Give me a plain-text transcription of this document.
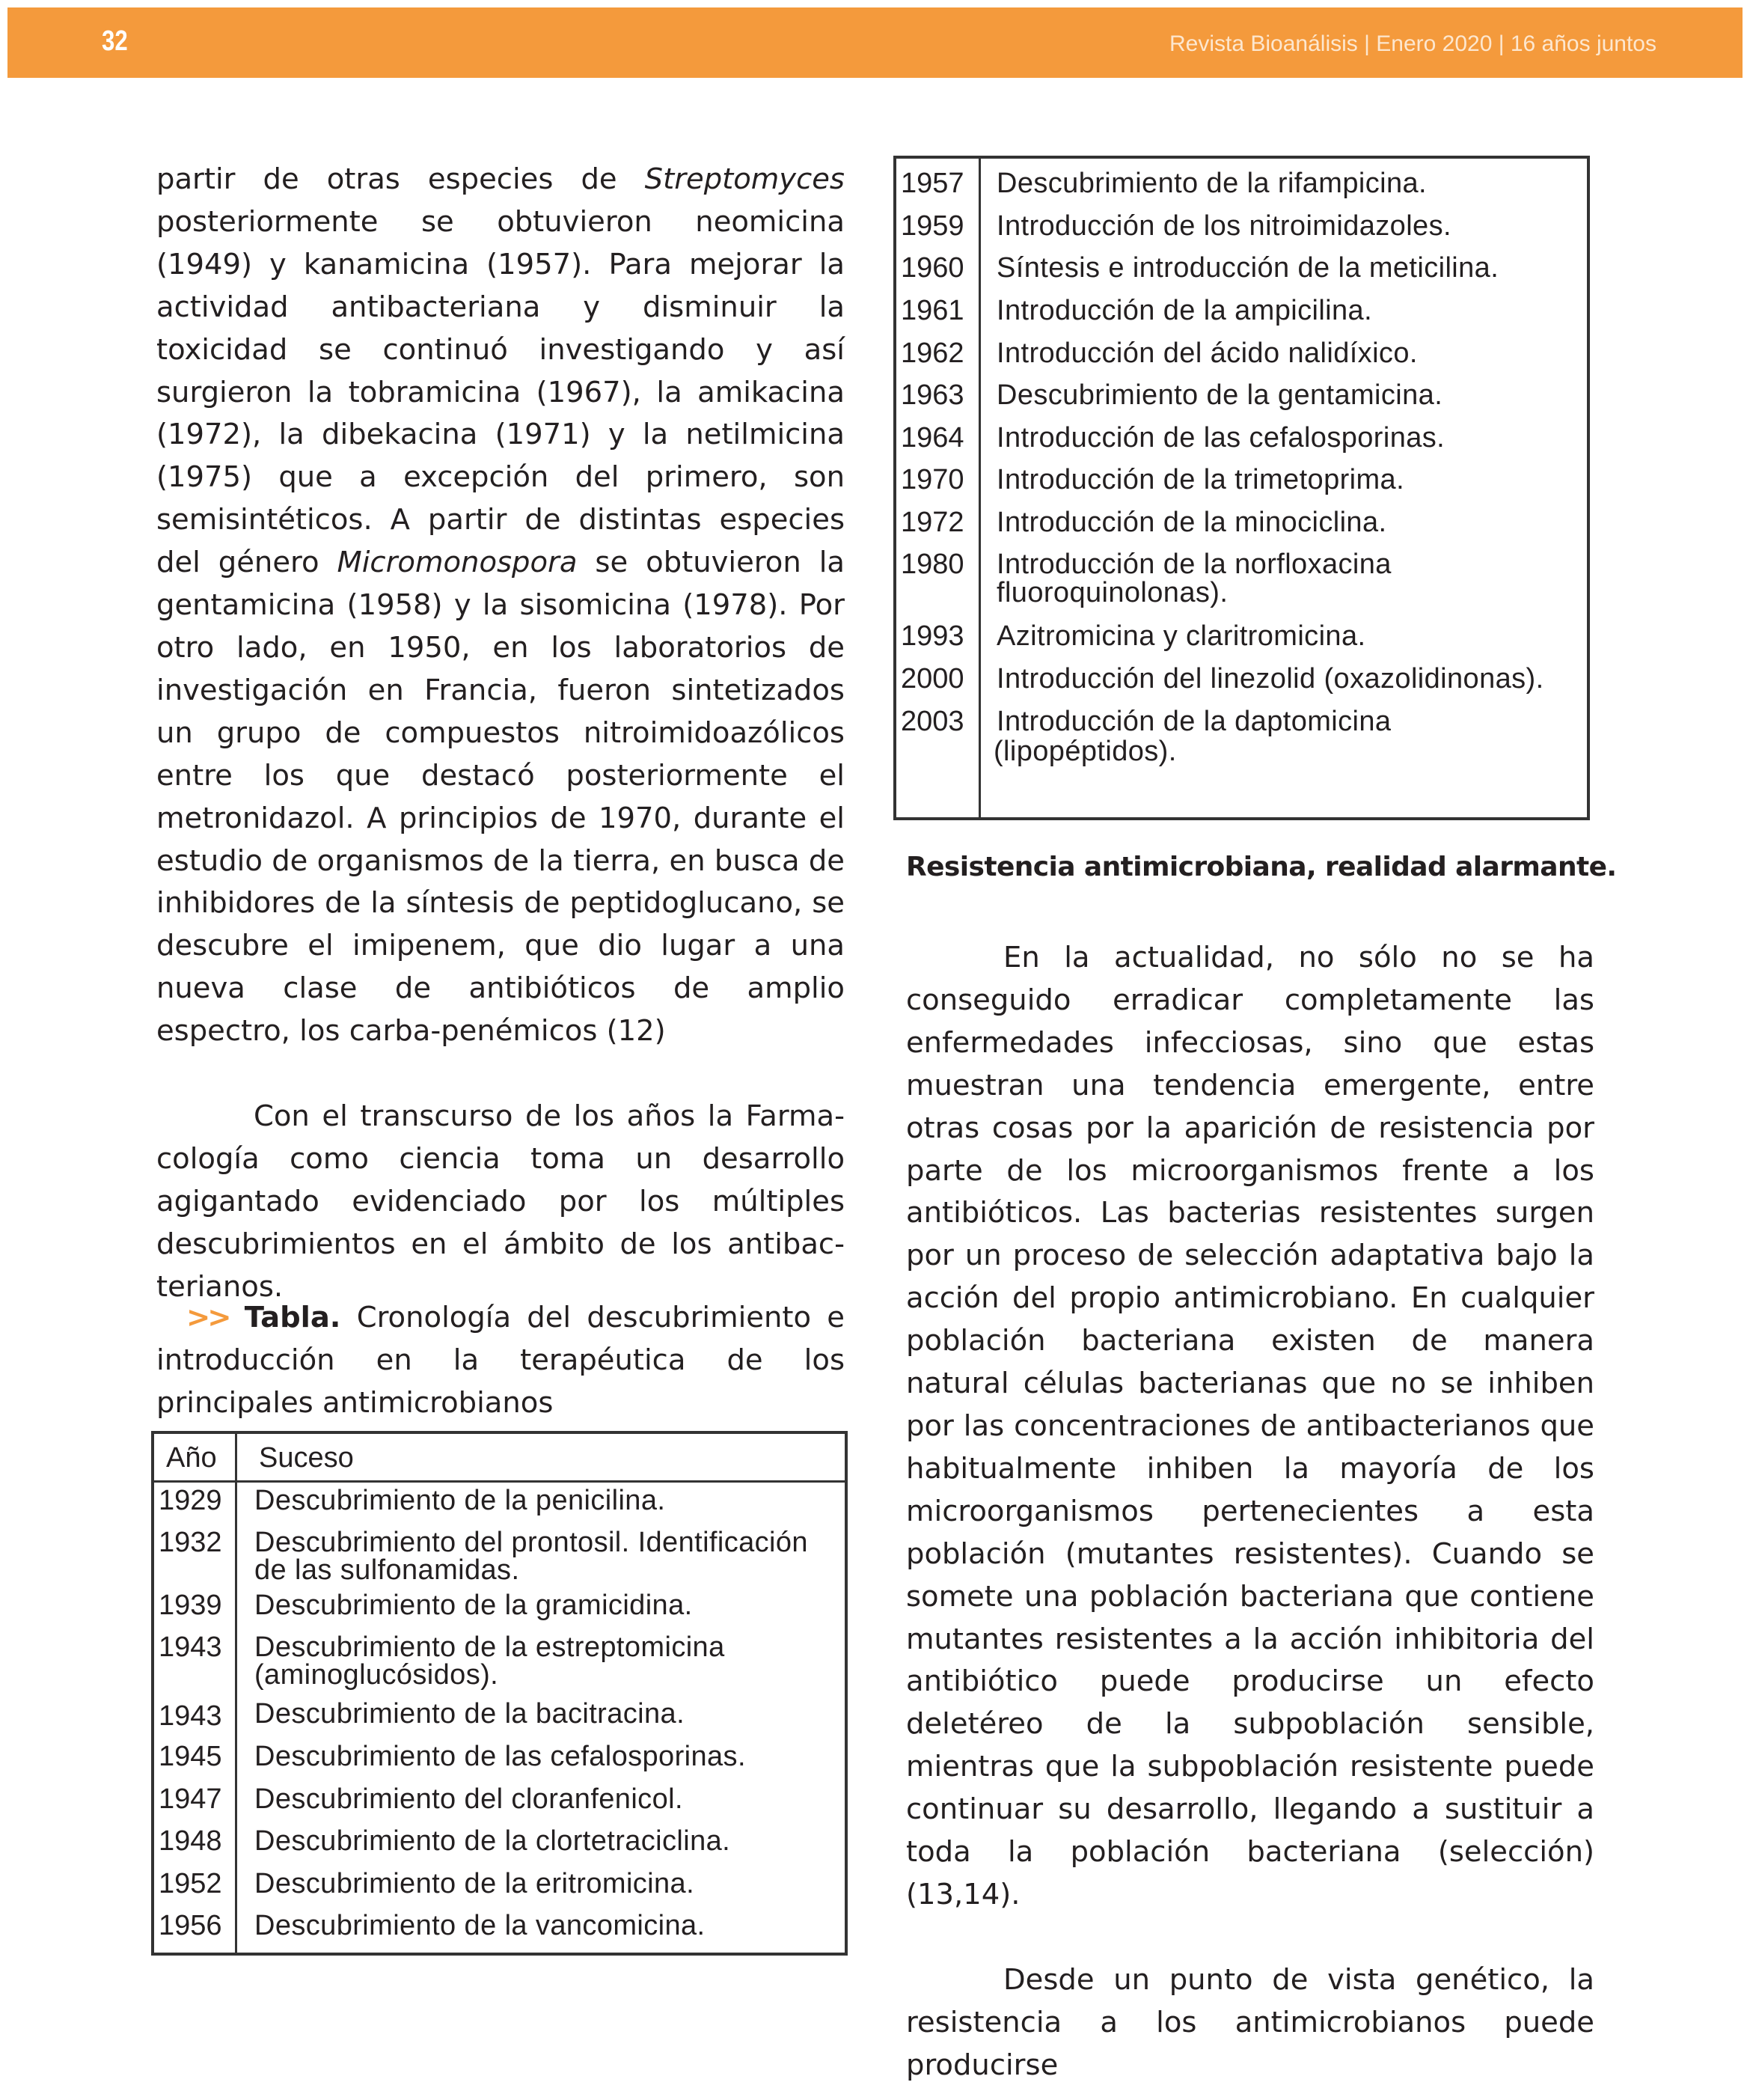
32	Revista Bioanálisis | Enero 2020 | 16 años juntos

partir de otras especies de Streptomyces posteriormente se obtuvieron neomicina (1949) y kanamicina (1957). Para mejorar la actividad antibacteriana y disminuir la toxicidad se continuó investigando y así surgieron la tobramicina (1967), la amikacina (1972), la dibekacina (1971) y la netilmicina (1975) que a excepción del primero, son semisintéticos. A partir de distintas especies del género Micromonospora se obtuvieron la gentamicina (1958) y la sisomicina (1978). Por otro lado, en 1950, en los laboratorios de investigación en Francia, fueron sintetizados un grupo de compuestos nitroimidoazólicos entre los que destacó posteriormente el metronidazol. A principios de 1970, durante el estudio de organismos de la tierra, en busca de inhibidores de la síntesis de peptidoglucano, se descubre el imipenem, que dio lugar a una nueva clase de antibióticos de amplio espectro, los carba-penémicos (12)

Con el transcurso de los años la Farma-cología como ciencia toma un desarrollo agigantado evidenciado por los múltiples descubrimientos en el ámbito de los antibac-terianos.

>> Tabla. Cronología del descubrimiento e introducción en la terapéutica de los principales antimicrobianos
Año Suceso
1929 Descubrimiento de la penicilina.
1932 Descubrimiento del prontosil. Identificación
de las sulfonamidas.
1939 Descubrimiento de la gramicidina.
1943 Descubrimiento de la estreptomicina
(aminoglucósidos).
1943 Descubrimiento de la bacitracina.
1945 Descubrimiento de las cefalosporinas.
1947 Descubrimiento del cloranfenicol.
1948 Descubrimiento de la clortetraciclina.
1952 Descubrimiento de la eritromicina.
1956 Descubrimiento de la vancomicina.
1957 Descubrimiento de la rifampicina.
1959 Introducción de los nitroimidazoles.
1960 Síntesis e introducción de la meticilina.
1961 Introducción de la ampicilina.
1962 Introducción del ácido nalidíxico.
1963 Descubrimiento de la gentamicina.
1964 Introducción de las cefalosporinas.
1970 Introducción de la trimetoprima.
1972 Introducción de la minociclina.
1980 Introducción de la norfloxacina
fluoroquinolonas).
1993 Azitromicina y claritromicina.
2000 Introducción del linezolid (oxazolidinonas).
2003 Introducción de la daptomicina
(lipopéptidos).
Resistencia antimicrobiana, realidad alarmante.

En la actualidad, no sólo no se ha conseguido erradicar completamente las enfermedades infecciosas, sino que estas muestran una tendencia emergente, entre otras cosas por la aparición de resistencia por parte de los microorganismos frente a los antibióticos. Las bacterias resistentes surgen por un proceso de selección adaptativa bajo la acción del propio antimicrobiano. En cualquier población bacteriana existen de manera natural células bacterianas que no se inhiben por las concentraciones de antibacterianos que habitualmente inhiben la mayoría de los microorganismos pertenecientes a esta población (mutantes resistentes). Cuando se somete una población bacteriana que contiene mutantes resistentes a la acción inhibitoria del antibiótico puede producirse un efecto deletéreo de la subpoblación sensible, mientras que la subpoblación resistente puede continuar su desarrollo, llegando a sustituir a toda la población bacteriana (selección) (13,14).

Desde un punto de vista genético, la resistencia a los antimicrobianos puede producirse
